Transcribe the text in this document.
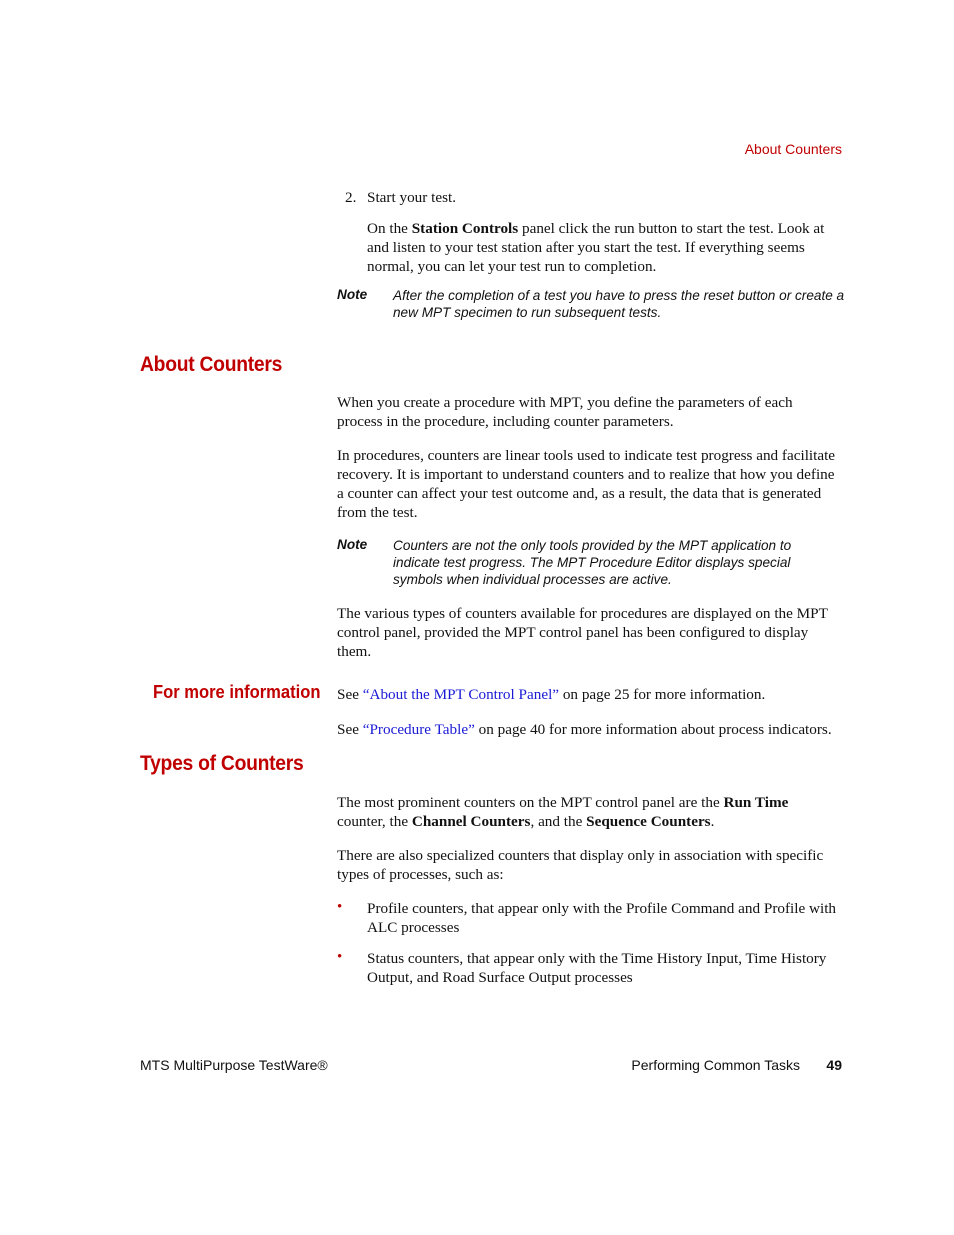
About Counters
2. Start your test.

On the Station Controls panel click the run button to start the test. Look at and listen to your test station after you start the test. If everything seems normal, you can let your test run to completion.

Note After the completion of a test you have to press the reset button or create a new MPT specimen to run subsequent tests.
About Counters

When you create a procedure with MPT, you define the parameters of each process in the procedure, including counter parameters.

In procedures, counters are linear tools used to indicate test progress and facilitate recovery. It is important to understand counters and to realize that how you define a counter can affect your test outcome and, as a result, the data that is generated from the test.

Note Counters are not the only tools provided by the MPT application to indicate test progress. The MPT Procedure Editor displays special symbols when individual processes are active.

The various types of counters available for procedures are displayed on the MPT control panel, provided the MPT control panel has been configured to display them.

For more information See “About the MPT Control Panel” on page 25 for more information.

See “Procedure Table” on page 40 for more information about process indicators.

Types of Counters

The most prominent counters on the MPT control panel are the Run Time counter, the Channel Counters, and the Sequence Counters.

There are also specialized counters that display only in association with specific types of processes, such as:

• Profile counters, that appear only with the Profile Command and Profile with ALC processes

• Status counters, that appear only with the Time History Input, Time History Output, and Road Surface Output processes

MTS MultiPurpose TestWare®	Performing Common Tasks 49
